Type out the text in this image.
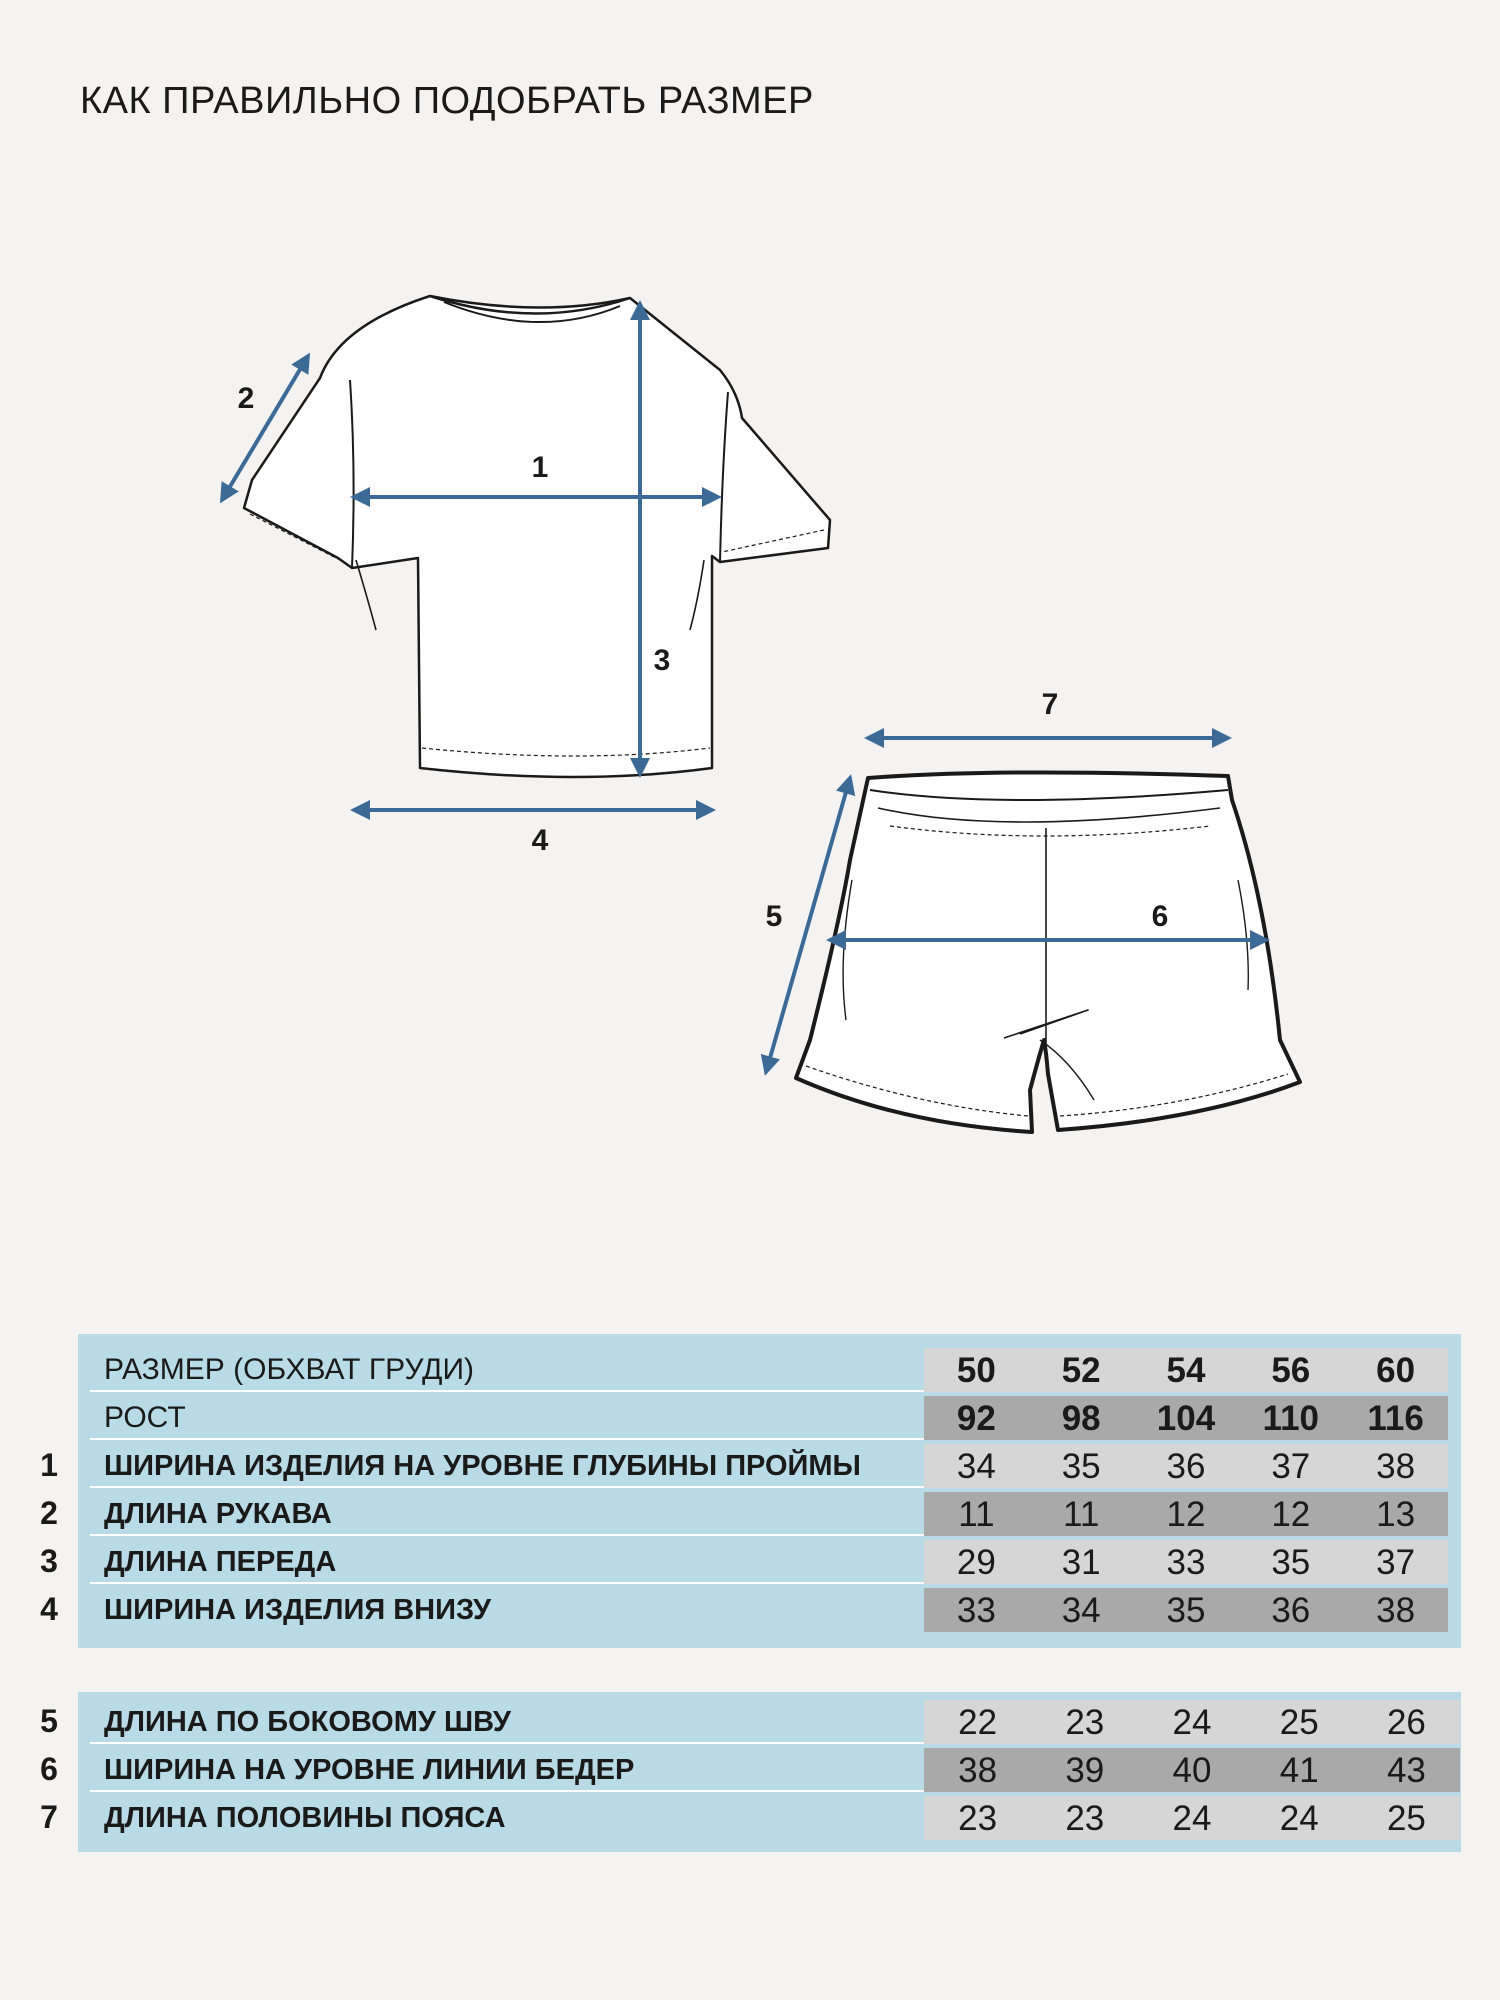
КАК ПРАВИЛЬНО ПОДОБРАТЬ РАЗМЕР
1
2
3
4
5	6
7
РАЗМЕР (ОБХВАТ ГРУДИ)	50	52	54	56	60
РОСТ	92	98	104	110	116
1	ШИРИНА ИЗДЕЛИЯ НА УРОВНЕ ГЛУБИНЫ ПРОЙМЫ	34	35	36	37	38
2	ДЛИНА РУКАВА	11	11	12	12	13
3	ДЛИНА ПЕРЕДА	29	31	33	35	37
4	ШИРИНА ИЗДЕЛИЯ ВНИЗУ	33	34	35	36	38
5	ДЛИНА ПО БОКОВОМУ ШВУ	22	23	24	25	26
6	ШИРИНА НА УРОВНЕ ЛИНИИ БЕДЕР	38	39	40	41	43
7	ДЛИНА ПОЛОВИНЫ ПОЯСА	23	23	24	24	25
